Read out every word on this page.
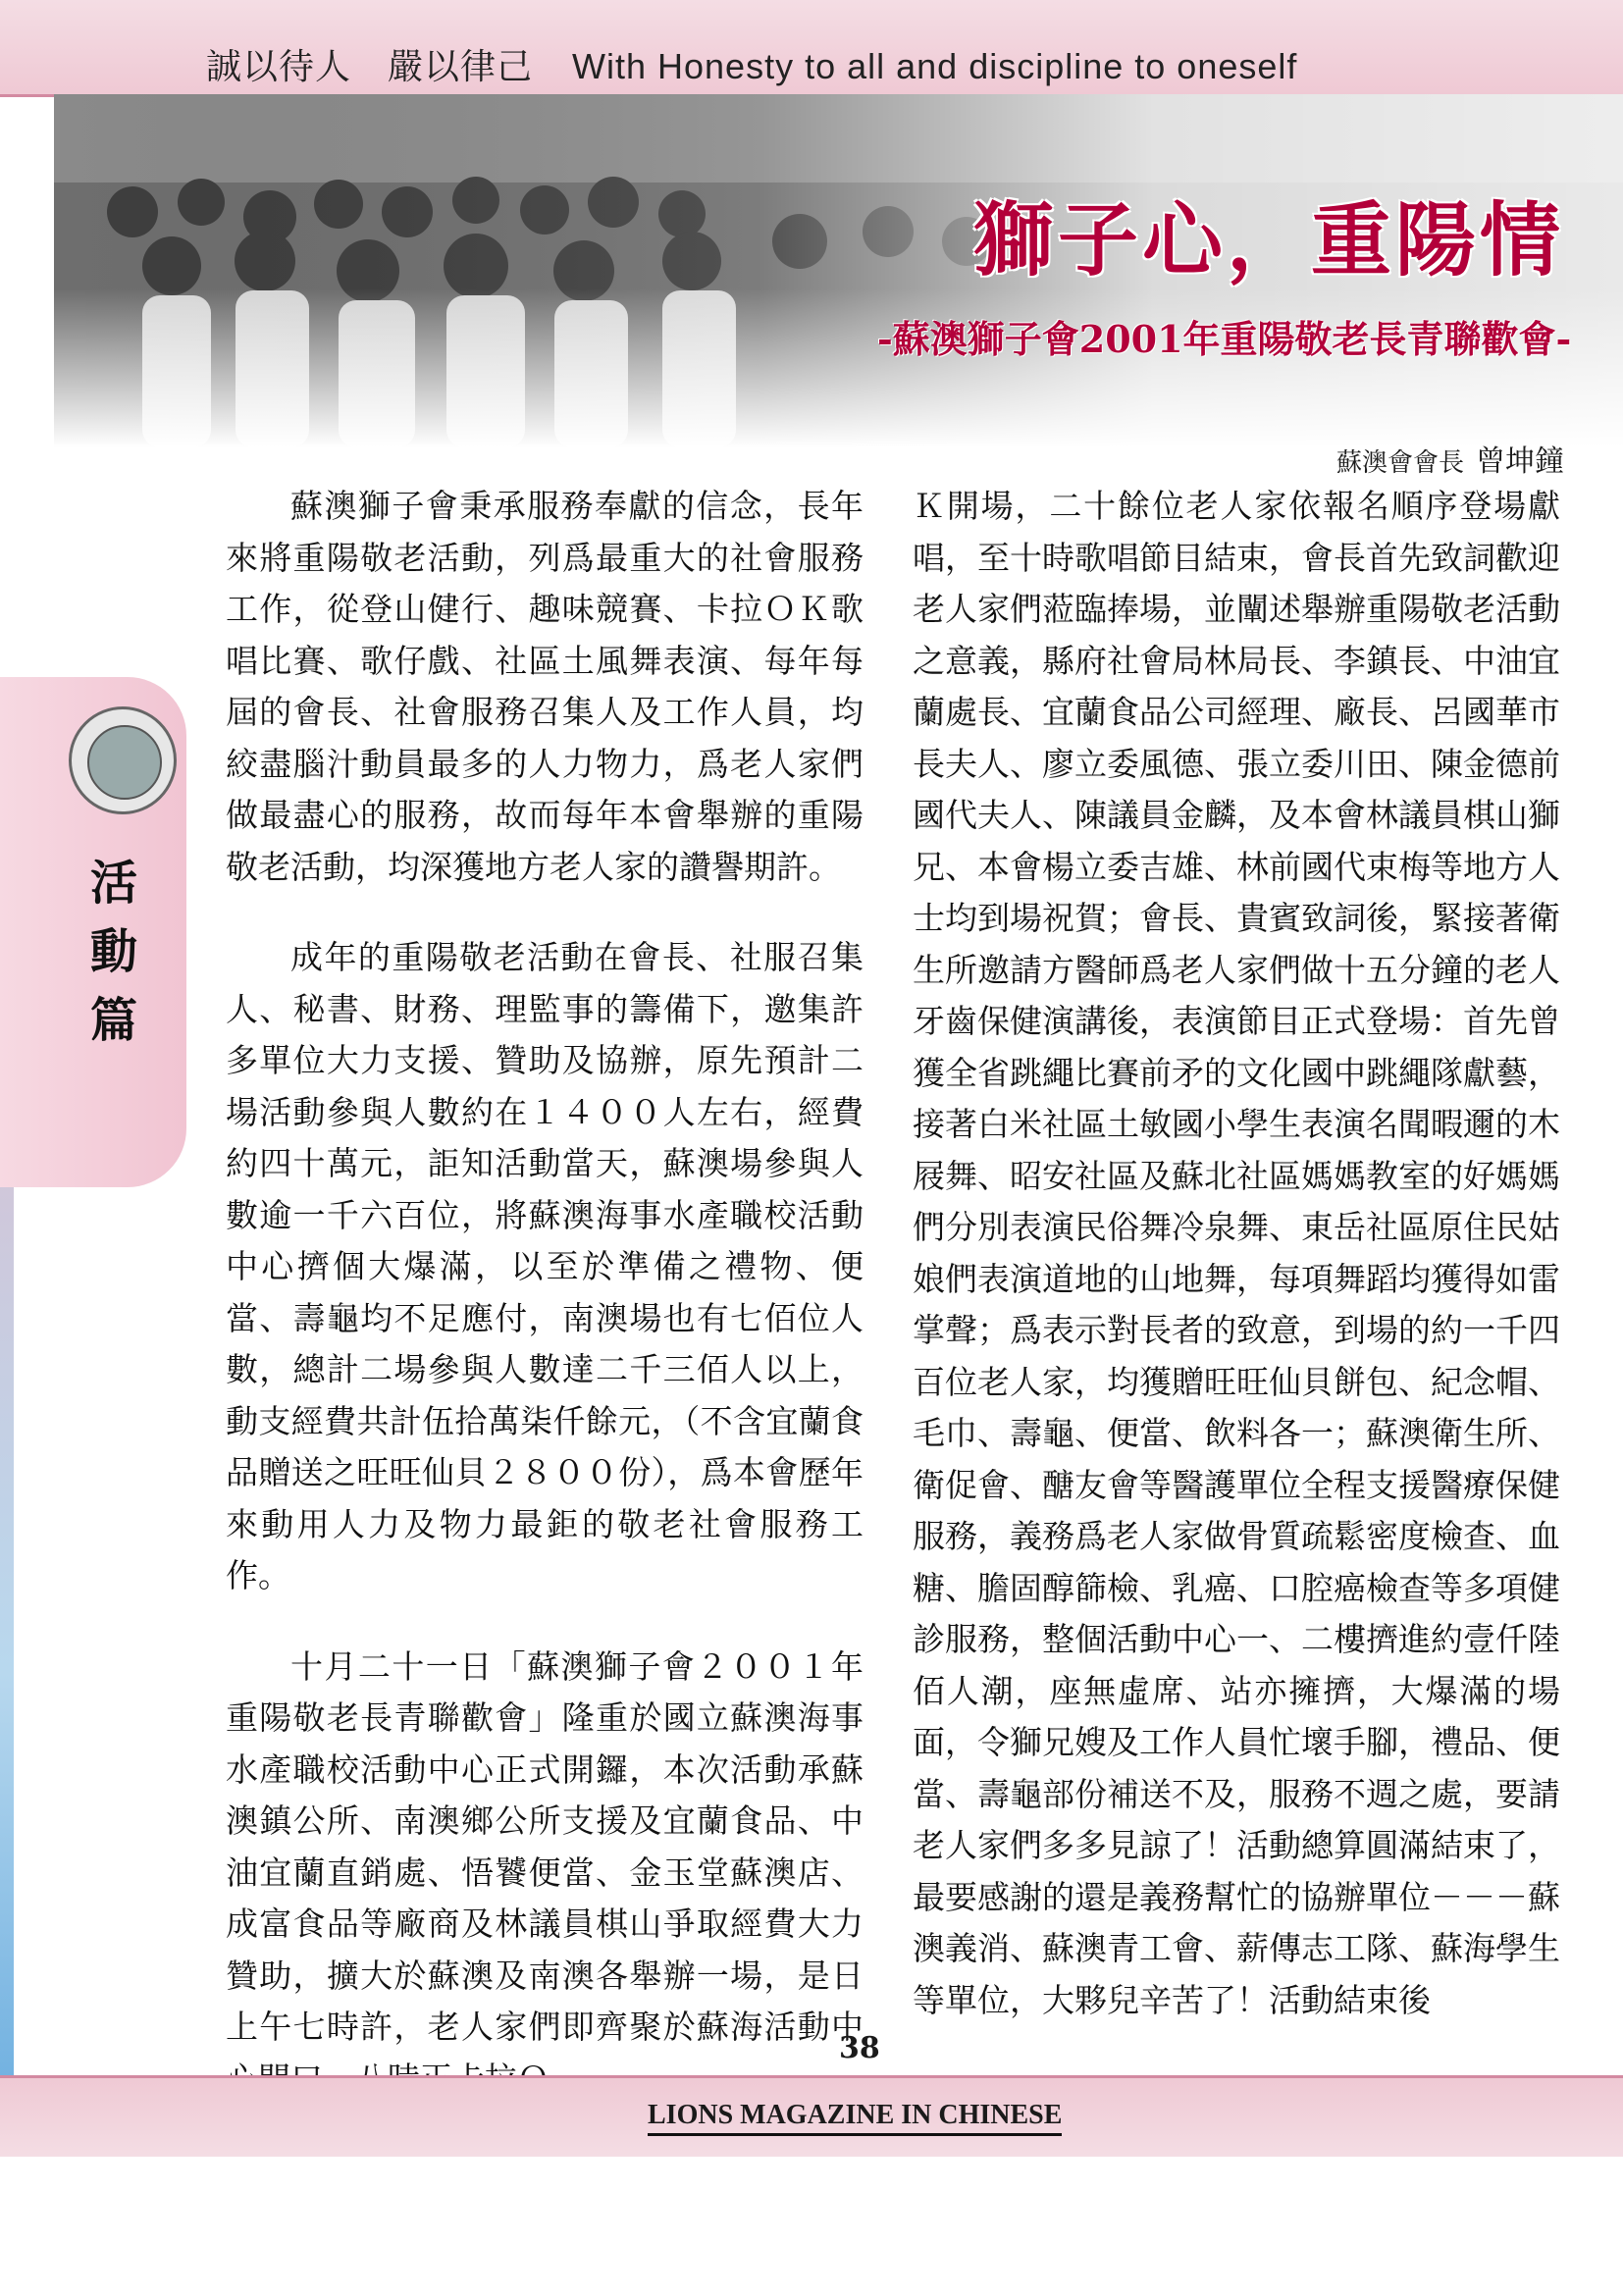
誠以待人　嚴以律己 With Honesty to all and discipline to oneself
獅子心，重陽情
-蘇澳獅子會2001年重陽敬老長青聯歡會-
蘇澳會會長 曾坤鐘
活
動
篇

蘇澳獅子會秉承服務奉獻的信念，長年來將重陽敬老活動，列爲最重大的社會服務工作，從登山健行、趣味競賽、卡拉ＯＫ歌唱比賽、歌仔戲、社區土風舞表演、每年每屆的會長、社會服務召集人及工作人員，均絞盡腦汁動員最多的人力物力，爲老人家們做最盡心的服務，故而每年本會舉辦的重陽敬老活動，均深獲地方老人家的讚譽期許。

成年的重陽敬老活動在會長、社服召集人、秘書、財務、理監事的籌備下，邀集許多單位大力支援、贊助及協辦，原先預計二場活動參與人數約在１４００人左右，經費約四十萬元，詎知活動當天，蘇澳場參與人數逾一千六百位，將蘇澳海事水產職校活動中心擠個大爆滿，以至於準備之禮物、便當、壽龜均不足應付，南澳場也有七佰位人數，總計二場參與人數達二千三佰人以上，動支經費共計伍拾萬柒仟餘元，（不含宜蘭食品贈送之旺旺仙貝２８００份），爲本會歷年來動用人力及物力最鉅的敬老社會服務工作。

十月二十一日「蘇澳獅子會２００１年重陽敬老長青聯歡會」隆重於國立蘇澳海事水產職校活動中心正式開鑼，本次活動承蘇澳鎮公所、南澳鄉公所支援及宜蘭食品、中油宜蘭直銷處、悟饕便當、金玉堂蘇澳店、成富食品等廠商及林議員棋山爭取經費大力贊助，擴大於蘇澳及南澳各舉辦一場，是日上午七時許，老人家們即齊聚於蘇海活動中

Ｋ開場，二十餘位老人家依報名順序登場獻唱，至十時歌唱節目結束，會長首先致詞歡迎老人家們蒞臨捧場，並闡述舉辦重陽敬老活動之意義，縣府社會局林局長、李鎮長、中油宜蘭處長、宜蘭食品公司經理、廠長、呂國華市長夫人、廖立委風德、張立委川田、陳金德前國代夫人、陳議員金麟，及本會林議員棋山獅兄、本會楊立委吉雄、林前國代束梅等地方人士均到場祝賀；會長、貴賓致詞後，緊接著衛生所邀請方醫師爲老人家們做十五分鐘的老人牙齒保健演講後，表演節目正式登場：首先曾獲全省跳繩比賽前矛的文化國中跳繩隊獻藝，接著白米社區土敏國小學生表演名聞暇邇的木屐舞、昭安社區及蘇北社區媽媽教室的好媽媽們分別表演民俗舞冷泉舞、東岳社區原住民姑娘們表演道地的山地舞，每項舞蹈均獲得如雷掌聲；爲表示對長者的致意，到場的約一千四百位老人家，均獲贈旺旺仙貝餅包、紀念帽、毛巾、壽龜、便當、飲料各一；蘇澳衛生所、衛促會、醣友會等醫護單位全程支援醫療保健服務，義務爲老人家做骨質疏鬆密度檢查、血糖、膽固醇篩檢、乳癌、口腔癌檢查等多項健診服務，整個活動中心一、二樓擠進約壹仟陸佰人潮，座無虛席、站亦擁擠，大爆滿的場面，令獅兄嫂及工作人員忙壞手腳，禮品、便當、壽龜部份補送不及，服務不週之處，要請老人家們多多見諒了！活動總算圓滿結束了，最要感謝的還是義務幫忙的協辦單位－－－蘇澳義消、蘇澳青工會、薪傳志工隊、蘇海學生等單位，大夥兒辛苦了！活動結束後

38
LIONS MAGAZINE IN CHINESE
